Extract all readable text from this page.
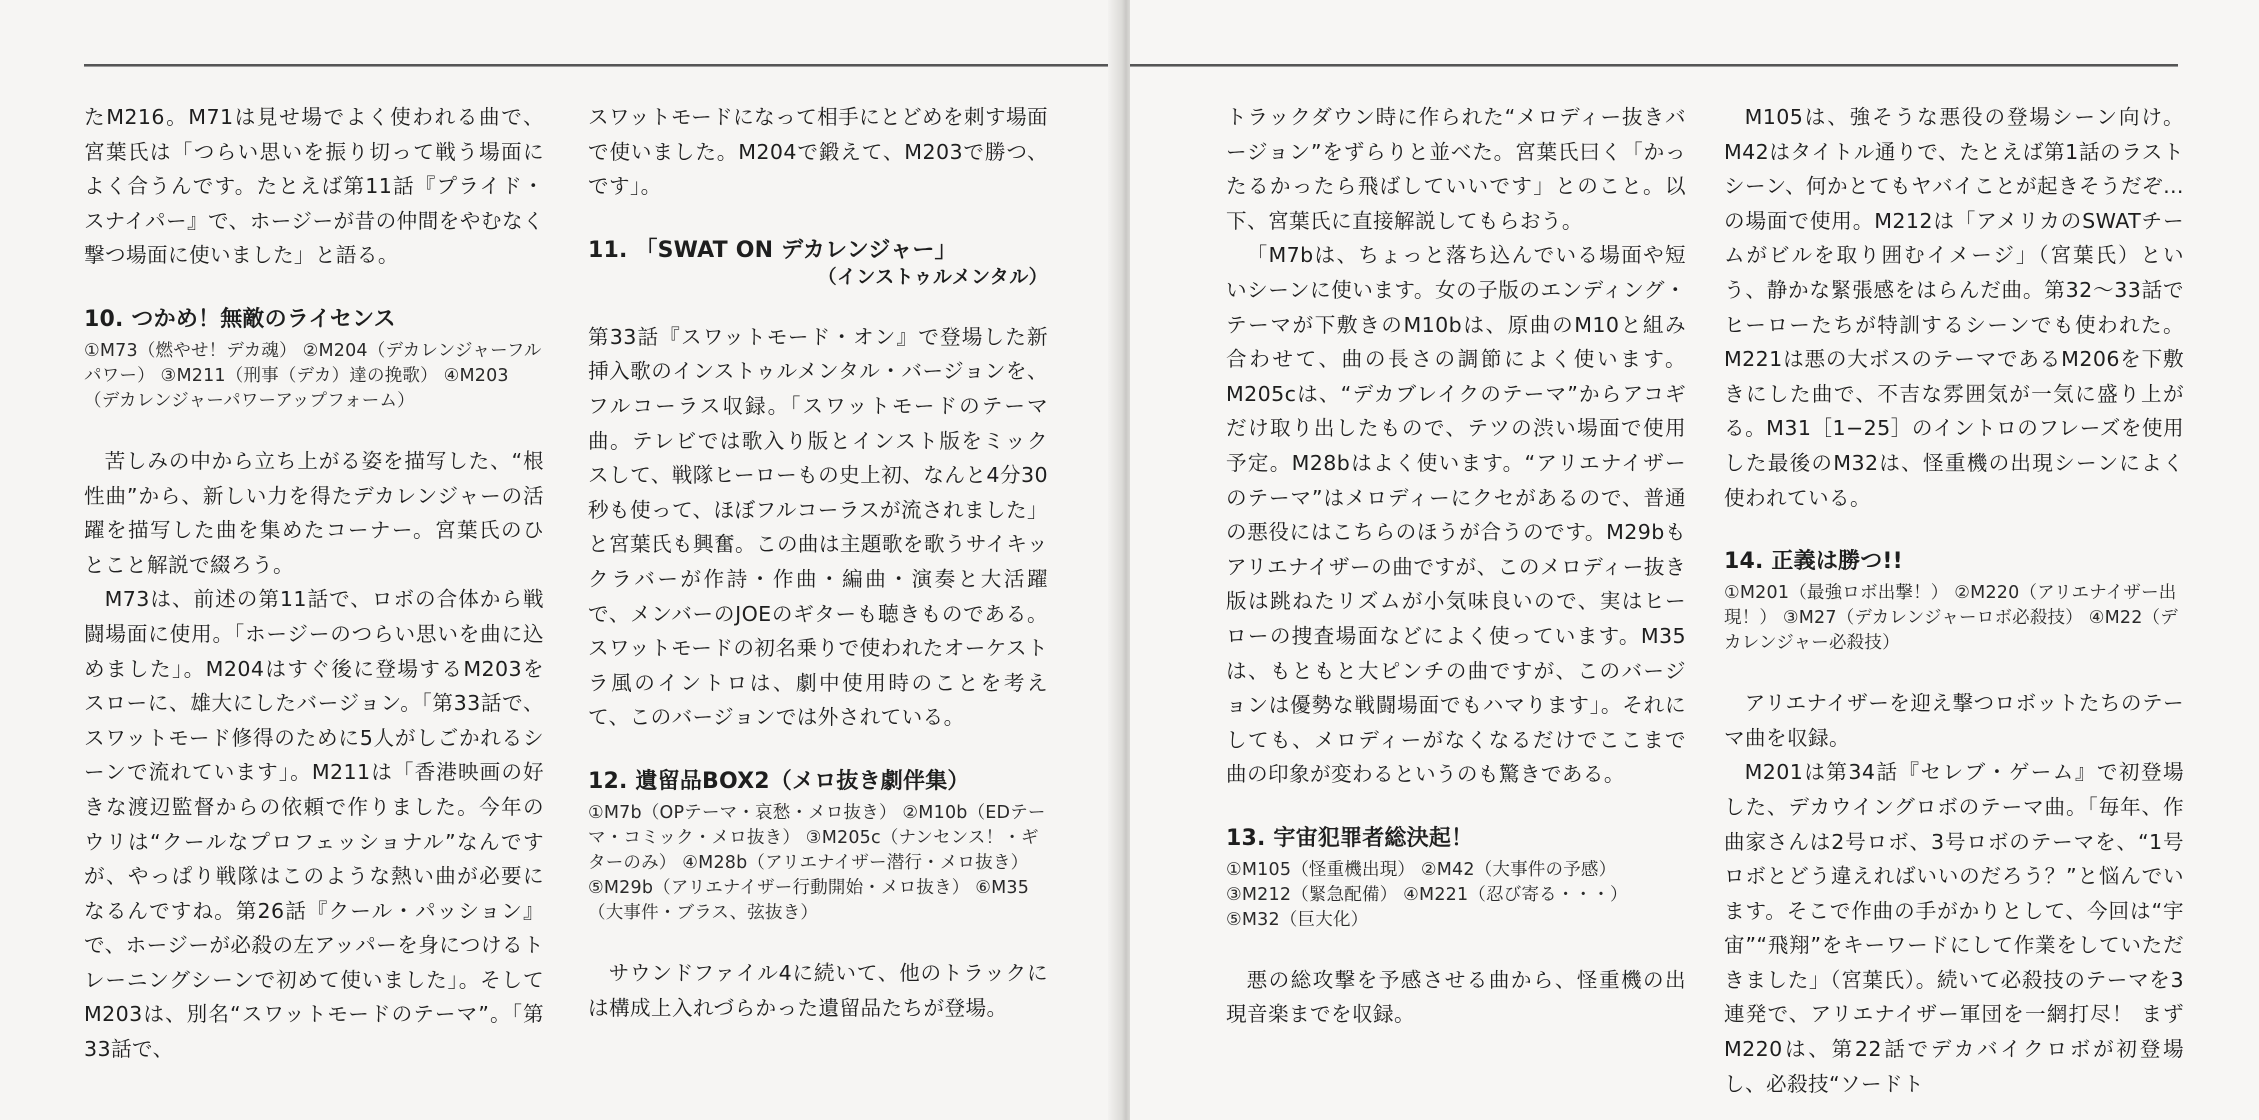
たM216。M71は見せ場でよく使われる曲で、宮葉氏は「つらい思いを振り切って戦う場面によく合うんです。たとえば第11話『プライド・スナイパー』で、ホージーが昔の仲間をやむなく撃つ場面に使いました」と語る。

10. つかめ！無敵のライセンス
①M73（燃やせ！デカ魂） ②M204（デカレンジャーフルパワー） ③M211（刑事（デカ）達の挽歌） ④M203（デカレンジャーパワーアップフォーム）

苦しみの中から立ち上がる姿を描写した、“根性曲”から、新しい力を得たデカレンジャーの活躍を描写した曲を集めたコーナー。宮葉氏のひとこと解説で綴ろう。

M73は、前述の第11話で、ロボの合体から戦闘場面に使用。「ホージーのつらい思いを曲に込めました」。M204はすぐ後に登場するM203をスローに、雄大にしたバージョン。「第33話で、スワットモード修得のために5人がしごかれるシーンで流れています」。M211は「香港映画の好きな渡辺監督からの依頼で作りました。今年のウリは“クールなプロフェッショナル”なんですが、やっぱり戦隊はこのような熱い曲が必要になるんですね。第26話『クール・パッション』で、ホージーが必殺の左アッパーを身につけるトレーニングシーンで初めて使いました」。そしてM203は、別名“スワットモードのテーマ”。「第33話で、

スワットモードになって相手にとどめを刺す場面で使いました。M204で鍛えて、M203で勝つ、です」。

11. 「SWAT ON デカレンジャー」
（インストゥルメンタル）

第33話『スワットモード・オン』で登場した新挿入歌のインストゥルメンタル・バージョンを、フルコーラス収録。「スワットモードのテーマ曲。テレビでは歌入り版とインスト版をミックスして、戦隊ヒーローもの史上初、なんと4分30秒も使って、ほぼフルコーラスが流されました」と宮葉氏も興奮。この曲は主題歌を歌うサイキックラバーが作詩・作曲・編曲・演奏と大活躍で、メンバーのJOEのギターも聴きものである。スワットモードの初名乗りで使われたオーケストラ風のイントロは、劇中使用時のことを考えて、このバージョンでは外されている。

12. 遺留品BOX2（メロ抜き劇伴集）
①M7b（OPテーマ・哀愁・メロ抜き） ②M10b（EDテーマ・コミック・メロ抜き） ③M205c（ナンセンス！・ギターのみ） ④M28b（アリエナイザー潜行・メロ抜き） ⑤M29b（アリエナイザー行動開始・メロ抜き） ⑥M35（大事件・ブラス、弦抜き）

サウンドファイル4に続いて、他のトラックには構成上入れづらかった遺留品たちが登場。

トラックダウン時に作られた“メロディー抜きバージョン”をずらりと並べた。宮葉氏曰く「かったるかったら飛ばしていいです」とのこと。以下、宮葉氏に直接解説してもらおう。

「M7bは、ちょっと落ち込んでいる場面や短いシーンに使います。女の子版のエンディング・テーマが下敷きのM10bは、原曲のM10と組み合わせて、曲の長さの調節によく使います。M205cは、“デカブレイクのテーマ”からアコギだけ取り出したもので、テツの渋い場面で使用予定。M28bはよく使います。“アリエナイザーのテーマ”はメロディーにクセがあるので、普通の悪役にはこちらのほうが合うのです。M29bもアリエナイザーの曲ですが、このメロディー抜き版は跳ねたリズムが小気味良いので、実はヒーローの捜査場面などによく使っています。M35は、もともと大ピンチの曲ですが、このバージョンは優勢な戦闘場面でもハマります」。それにしても、メロディーがなくなるだけでここまで曲の印象が変わるというのも驚きである。

13. 宇宙犯罪者総決起！
①M105（怪重機出現） ②M42（大事件の予感） ③M212（緊急配備） ④M221（忍び寄る・・・） ⑤M32（巨大化）

悪の総攻撃を予感させる曲から、怪重機の出現音楽までを収録。

M105は、強そうな悪役の登場シーン向け。M42はタイトル通りで、たとえば第1話のラストシーン、何かとてもヤバイことが起きそうだぞ…の場面で使用。M212は「アメリカのSWATチームがビルを取り囲むイメージ」（宮葉氏）という、静かな緊張感をはらんだ曲。第32〜33話でヒーローたちが特訓するシーンでも使われた。M221は悪の大ボスのテーマであるM206を下敷きにした曲で、不吉な雰囲気が一気に盛り上がる。M31［1−25］のイントロのフレーズを使用した最後のM32は、怪重機の出現シーンによく使われている。

14. 正義は勝つ!!
①M201（最強ロボ出撃！） ②M220（アリエナイザー出現！） ③M27（デカレンジャーロボ必殺技） ④M22（デカレンジャー必殺技）

アリエナイザーを迎え撃つロボットたちのテーマ曲を収録。

M201は第34話『セレブ・ゲーム』で初登場した、デカウイングロボのテーマ曲。「毎年、作曲家さんは2号ロボ、3号ロボのテーマを、“1号ロボとどう違えればいいのだろう？”と悩んでいます。そこで作曲の手がかりとして、今回は“宇宙”“飛翔”をキーワードにして作業をしていただきました」（宮葉氏）。続いて必殺技のテーマを3連発で、アリエナイザー軍団を一網打尽！ まずM220は、第22話でデカバイクロボが初登場し、必殺技“ソードト
